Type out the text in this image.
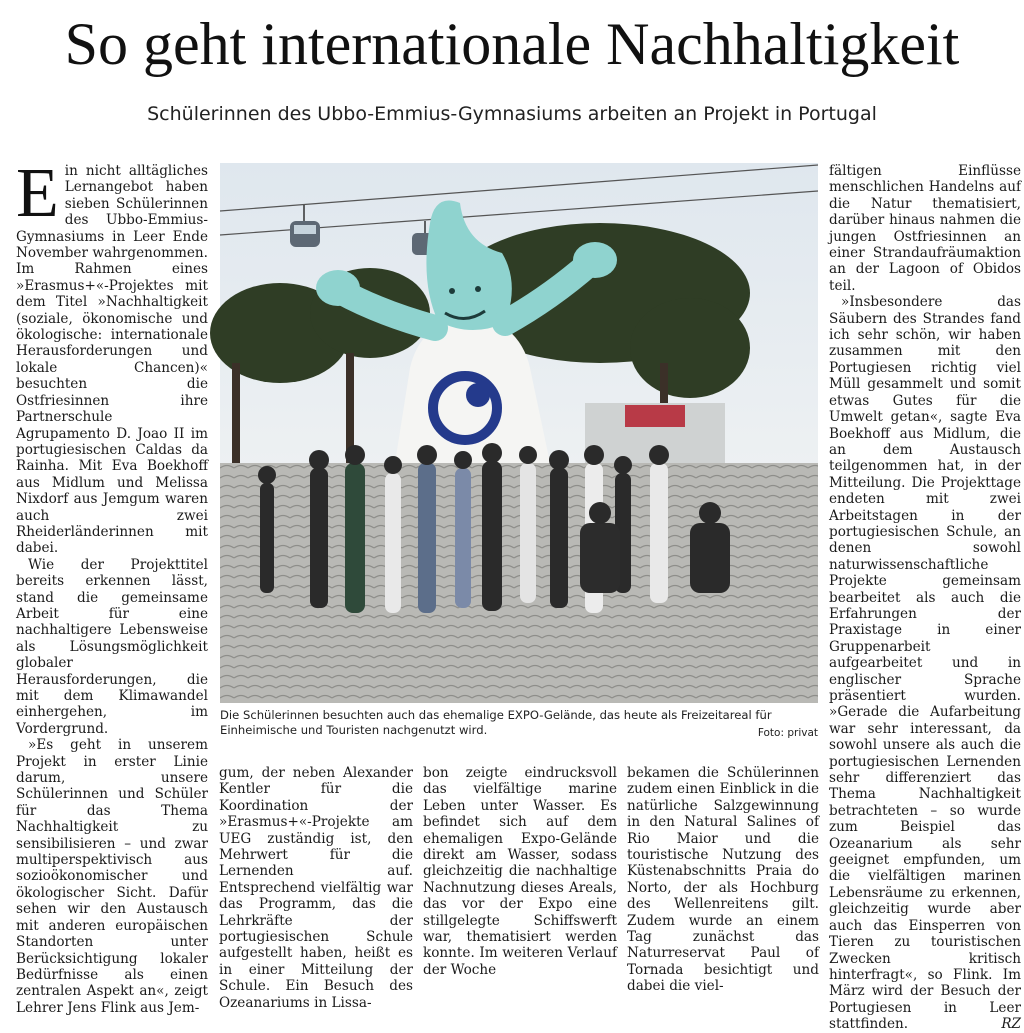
So geht internationale Nachhaltigkeit
Schülerinnen des Ubbo-Emmius-Gymnasiums arbeiten an Projekt in Portugal

Ein nicht alltägliches Lernangebot haben sieben Schülerinnen des Ubbo-Emmius-Gymnasiums in Leer Ende November wahrgenommen. Im Rahmen eines »Erasmus+«-Projektes mit dem Titel »Nachhaltigkeit (soziale, ökonomische und ökologische: internationale Herausforderungen und lokale Chancen)« besuchten die Ostfriesinnen ihre Partnerschule Agrupamento D. Joao II im portugiesischen Caldas da Rainha. Mit Eva Boekhoff aus Midlum und Melissa Nixdorf aus Jemgum waren auch zwei Rheiderländerinnen mit dabei.

Wie der Projekttitel bereits erkennen lässt, stand die gemeinsame Arbeit für eine nachhaltigere Lebensweise als Lösungsmöglichkeit globaler Herausforderungen, die mit dem Klimawandel einhergehen, im Vordergrund.

»Es geht in unserem Projekt in erster Linie darum, unsere Schülerinnen und Schüler für das Thema Nachhaltigkeit zu sensibilisieren – und zwar multiperspektivisch aus sozioökonomischer und ökologischer Sicht. Dafür sehen wir den Austausch mit anderen europäischen Standorten unter Berücksichtigung lokaler Bedürfnisse als einen zentralen Aspekt an«, zeigt Lehrer Jens Flink aus Jem-

Die Schülerinnen besuchten auch das ehemalige EXPO-Gelände, das heute als Freizeitareal für Einheimische und Touristen nachgenutzt wird.	Foto: privat

gum, der neben Alexander Kentler für die Koordination der »Erasmus+«-Projekte am UEG zuständig ist, den Mehrwert für die Lernenden auf. Entsprechend vielfältig war das Programm, das die Lehrkräfte der portugiesischen Schule aufgestellt haben, heißt es in einer Mitteilung der Schule. Ein Besuch des Ozeanariums in Lissa-

bon zeigte eindrucksvoll das vielfältige marine Leben unter Wasser. Es befindet sich auf dem ehemaligen Expo-Gelände direkt am Wasser, sodass gleichzeitig die nachhaltige Nachnutzung dieses Areals, das vor der Expo eine stillgelegte Schiffswerft war, thematisiert werden konnte. Im weiteren Verlauf der Woche

bekamen die Schülerinnen zudem einen Einblick in die natürliche Salzgewinnung in den Natural Salines of Rio Maior und die touristische Nutzung des Küstenabschnitts Praia do Norto, der als Hochburg des Wellenreitens gilt. Zudem wurde an einem Tag zunächst das Naturreservat Paul of Tornada besichtigt und dabei die viel-

fältigen Einflüsse menschlichen Handelns auf die Natur thematisiert, darüber hinaus nahmen die jungen Ostfriesinnen an einer Strandaufräumaktion an der Lagoon of Obidos teil.

»Insbesondere das Säubern des Strandes fand ich sehr schön, wir haben zusammen mit den Portugiesen richtig viel Müll gesammelt und somit etwas Gutes für die Umwelt getan«, sagte Eva Boekhoff aus Midlum, die an dem Austausch teilgenommen hat, in der Mitteilung. Die Projekttage endeten mit zwei Arbeitstagen in der portugiesischen Schule, an denen sowohl naturwissenschaftliche Projekte gemeinsam bearbeitet als auch die Erfahrungen der Praxistage in einer Gruppenarbeit aufgearbeitet und in englischer Sprache präsentiert wurden. »Gerade die Aufarbeitung war sehr interessant, da sowohl unsere als auch die portugiesischen Lernenden sehr differenziert das Thema Nachhaltigkeit betrachteten – so wurde zum Beispiel das Ozeanarium als sehr geeignet empfunden, um die vielfältigen marinen Lebensräume zu erkennen, gleichzeitig wurde aber auch das Einsperren von Tieren zu touristischen Zwecken kritisch hinterfragt«, so Flink. Im März wird der Besuch der Portugiesen in Leer stattfinden.	RZ
